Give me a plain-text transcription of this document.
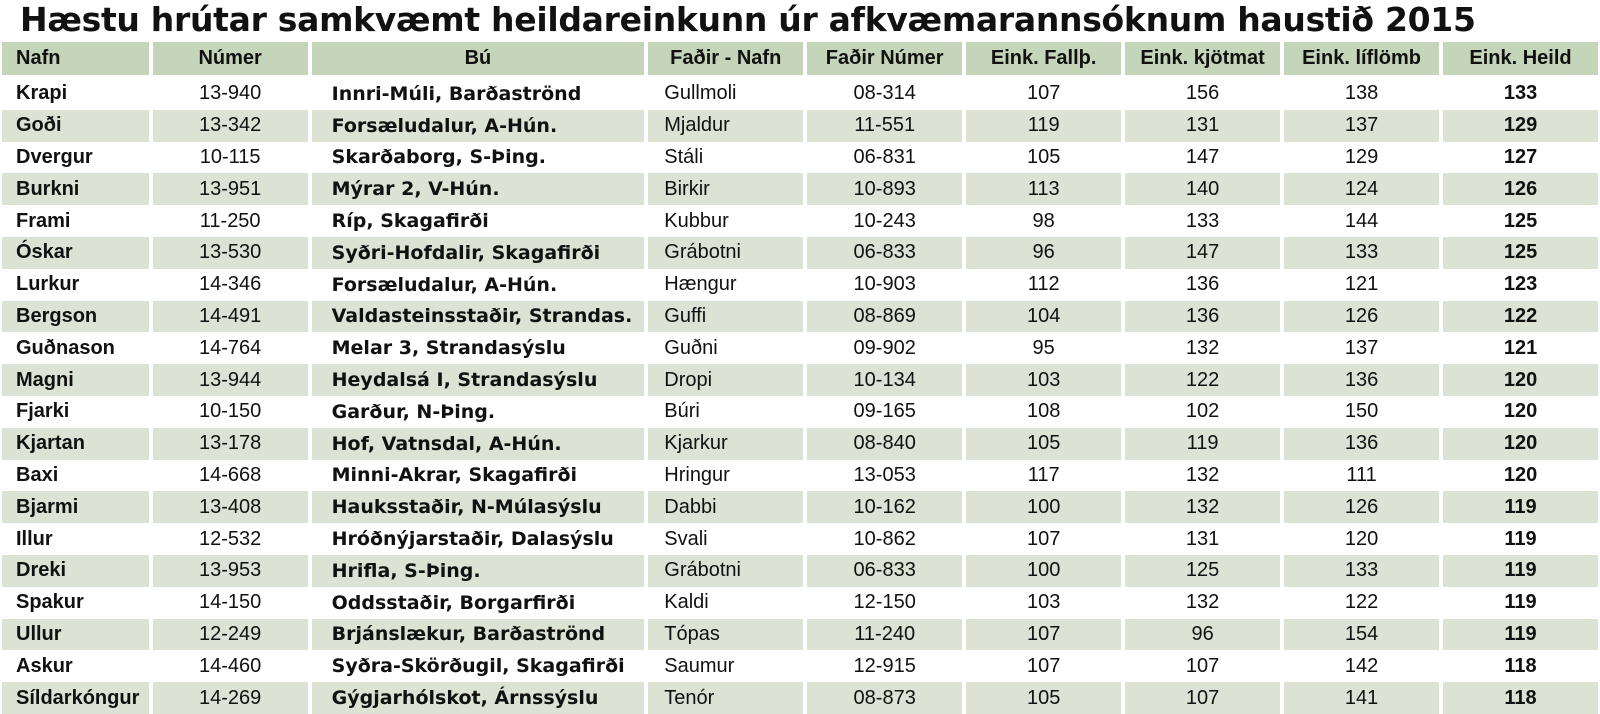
Hæstu hrútar samkvæmt heildareinkunn úr afkvæmarannsóknum haustið 2015
Nafn	Númer	Bú	Faðir - Nafn	Faðir Númer	Eink. Fallþ.	Eink. kjötmat	Eink. líflömb	Eink. Heild
Krapi	13-940	Innri-Múli, Barðaströnd	Gullmoli	08-314	107	156	138	133
Goði	13-342	Forsæludalur, A-Hún.	Mjaldur	11-551	119	131	137	129
Dvergur	10-115	Skarðaborg, S-Þing.	Stáli	06-831	105	147	129	127
Burkni	13-951	Mýrar 2, V-Hún.	Birkir	10-893	113	140	124	126
Frami	11-250	Ríp, Skagafirði	Kubbur	10-243	98	133	144	125
Óskar	13-530	Syðri-Hofdalir, Skagafirði	Grábotni	06-833	96	147	133	125
Lurkur	14-346	Forsæludalur, A-Hún.	Hængur	10-903	112	136	121	123
Bergson	14-491	Valdasteinsstaðir, Strandas.	Guffi	08-869	104	136	126	122
Guðnason	14-764	Melar 3, Strandasýslu	Guðni	09-902	95	132	137	121
Magni	13-944	Heydalsá I, Strandasýslu	Dropi	10-134	103	122	136	120
Fjarki	10-150	Garður, N-Þing.	Búri	09-165	108	102	150	120
Kjartan	13-178	Hof, Vatnsdal, A-Hún.	Kjarkur	08-840	105	119	136	120
Baxi	14-668	Minni-Akrar, Skagafirði	Hringur	13-053	117	132	111	120
Bjarmi	13-408	Hauksstaðir, N-Múlasýslu	Dabbi	10-162	100	132	126	119
Illur	12-532	Hróðnýjarstaðir, Dalasýslu	Svali	10-862	107	131	120	119
Dreki	13-953	Hrifla, S-Þing.	Grábotni	06-833	100	125	133	119
Spakur	14-150	Oddsstaðir, Borgarfirði	Kaldi	12-150	103	132	122	119
Ullur	12-249	Brjánslækur, Barðaströnd	Tópas	11-240	107	96	154	119
Askur	14-460	Syðra-Skörðugil, Skagafirði	Saumur	12-915	107	107	142	118
Síldarkóngur	14-269	Gýgjarhólskot, Árnssýslu	Tenór	08-873	105	107	141	118
